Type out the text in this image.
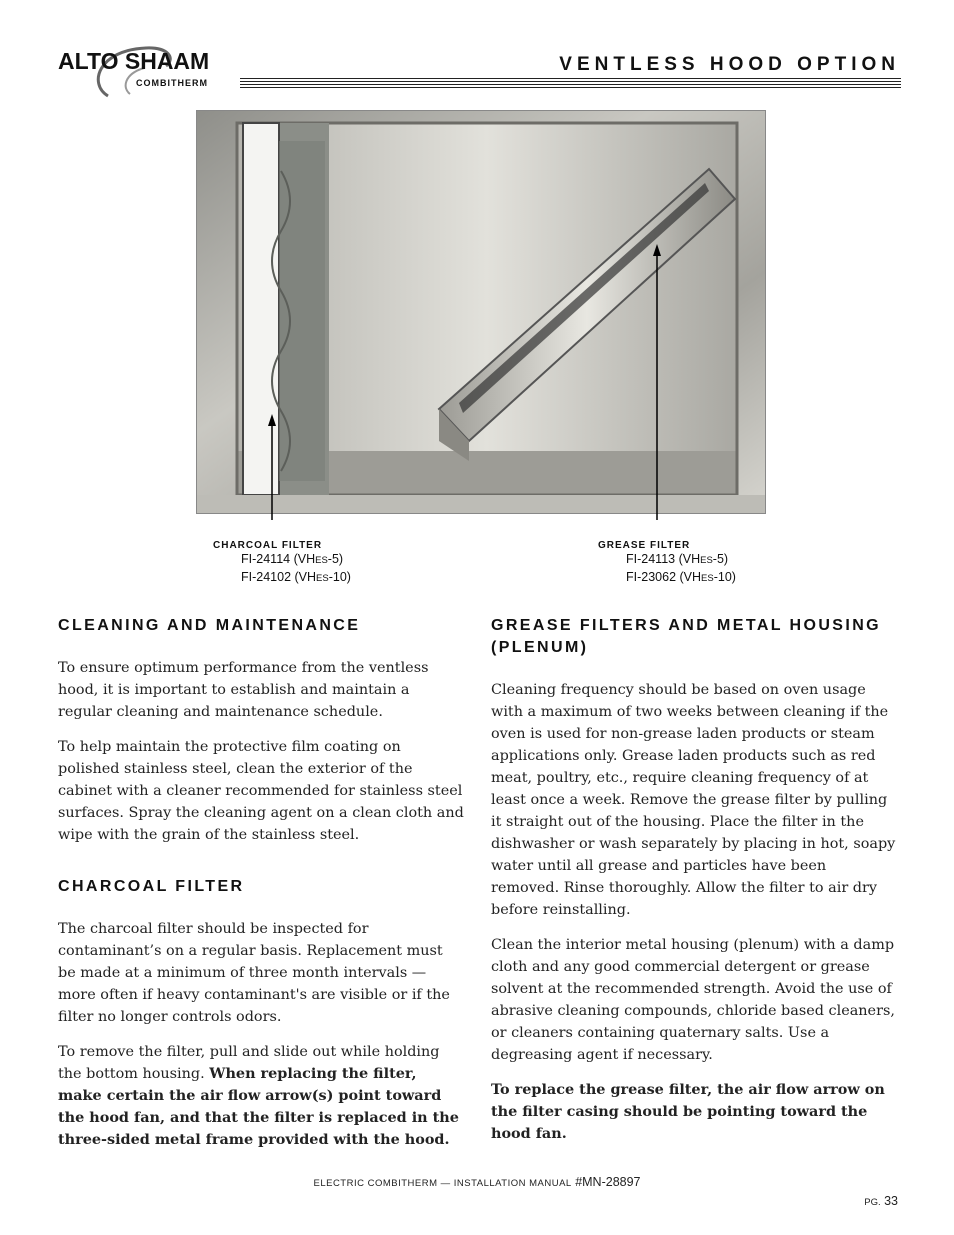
ALTO SHAAM
COMBITHERM
VENTLESS HOOD OPTION
CHARCOAL FILTER
FI-24114 (VHES-5)
FI-24102 (VHES-10)
GREASE FILTER
FI-24113 (VHES-5)
FI-23062 (VHES-10)
CLEANING AND MAINTENANCE

To ensure optimum performance from the ventless hood, it is important to establish and maintain a regular cleaning and maintenance schedule.

To help maintain the protective film coating on polished stainless steel, clean the exterior of the cabinet with a cleaner recommended for stainless steel surfaces. Spray the cleaning agent on a clean cloth and wipe with the grain of the stainless steel.

CHARCOAL FILTER

The charcoal filter should be inspected for contaminant’s on a regular basis. Replacement must be made at a minimum of three month intervals — more often if heavy contaminant's are visible or if the filter no longer controls odors.

To remove the filter, pull and slide out while holding the bottom housing. When replacing the filter, make certain the air flow arrow(s) point toward the hood fan, and that the filter is replaced in the three-sided metal frame provided with the hood.

GREASE FILTERS AND METAL HOUSING (PLENUM)

Cleaning frequency should be based on oven usage with a maximum of two weeks between cleaning if the oven is used for non-grease laden products or steam applications only. Grease laden products such as red meat, poultry, etc., require cleaning frequency of at least once a week. Remove the grease filter by pulling it straight out of the housing. Place the filter in the dishwasher or wash separately by placing in hot, soapy water until all grease and particles have been removed. Rinse thoroughly. Allow the filter to air dry before reinstalling.

Clean the interior metal housing (plenum) with a damp cloth and any good commercial detergent or grease solvent at the recommended strength. Avoid the use of abrasive cleaning compounds, chloride based cleaners, or cleaners containing quaternary salts. Use a degreasing agent if necessary.

To replace the grease filter, the air flow arrow on the filter casing should be pointing toward the hood fan.

ELECTRIC COMBITHERM — INSTALLATION MANUAL #MN-28897
PG. 33
